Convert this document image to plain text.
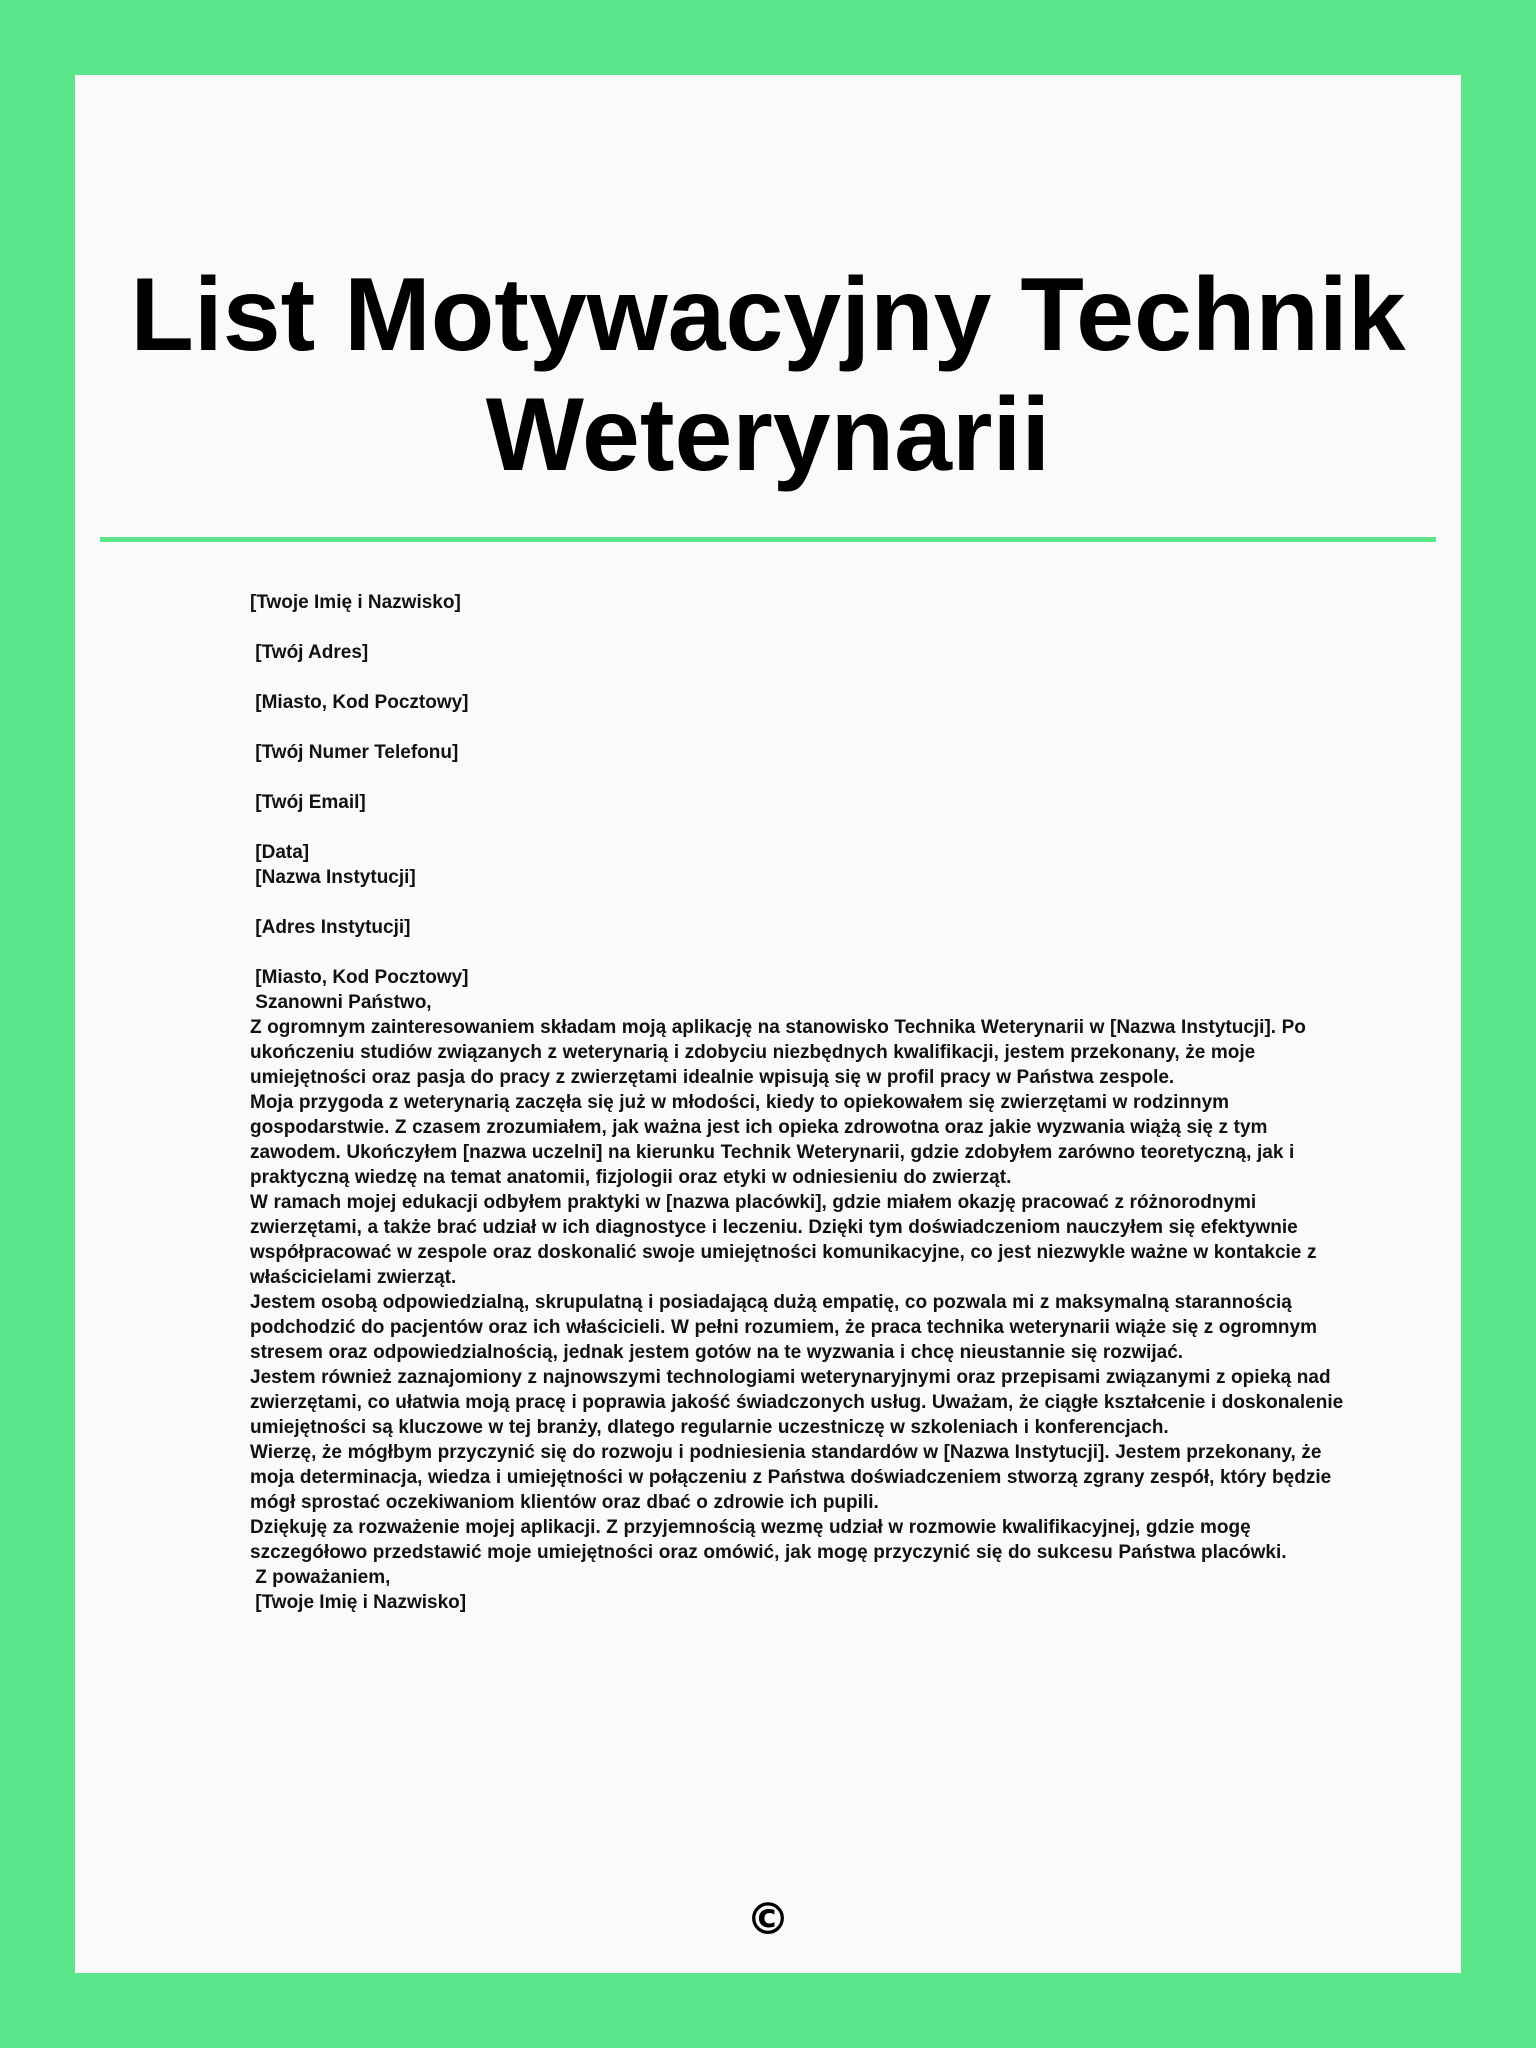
List Motywacyjny Technik
Weterynarii
[Twoje Imię i Nazwisko]
[Twój Adres]
[Miasto, Kod Pocztowy]
[Twój Numer Telefonu]
[Twój Email]
[Data]
[Nazwa Instytucji]
[Adres Instytucji]
[Miasto, Kod Pocztowy]
Szanowni Państwo,
Z ogromnym zainteresowaniem składam moją aplikację na stanowisko Technika Weterynarii w [Nazwa Instytucji]. Po ukończeniu studiów związanych z weterynarią i zdobyciu niezbędnych kwalifikacji, jestem przekonany, że moje umiejętności oraz pasja do pracy z zwierzętami idealnie wpisują się w profil pracy w Państwa zespole.
Moja przygoda z weterynarią zaczęła się już w młodości, kiedy to opiekowałem się zwierzętami w rodzinnym gospodarstwie. Z czasem zrozumiałem, jak ważna jest ich opieka zdrowotna oraz jakie wyzwania wiążą się z tym zawodem. Ukończyłem [nazwa uczelni] na kierunku Technik Weterynarii, gdzie zdobyłem zarówno teoretyczną, jak i praktyczną wiedzę na temat anatomii, fizjologii oraz etyki w odniesieniu do zwierząt.
W ramach mojej edukacji odbyłem praktyki w [nazwa placówki], gdzie miałem okazję pracować z różnorodnymi zwierzętami, a także brać udział w ich diagnostyce i leczeniu. Dzięki tym doświadczeniom nauczyłem się efektywnie współpracować w zespole oraz doskonalić swoje umiejętności komunikacyjne, co jest niezwykle ważne w kontakcie z właścicielami zwierząt.
Jestem osobą odpowiedzialną, skrupulatną i posiadającą dużą empatię, co pozwala mi z maksymalną starannością podchodzić do pacjentów oraz ich właścicieli. W pełni rozumiem, że praca technika weterynarii wiąże się z ogromnym stresem oraz odpowiedzialnością, jednak jestem gotów na te wyzwania i chcę nieustannie się rozwijać.
Jestem również zaznajomiony z najnowszymi technologiami weterynaryjnymi oraz przepisami związanymi z opieką nad zwierzętami, co ułatwia moją pracę i poprawia jakość świadczonych usług. Uważam, że ciągłe kształcenie i doskonalenie umiejętności są kluczowe w tej branży, dlatego regularnie uczestniczę w szkoleniach i konferencjach.
Wierzę, że mógłbym przyczynić się do rozwoju i podniesienia standardów w [Nazwa Instytucji]. Jestem przekonany, że moja determinacja, wiedza i umiejętności w połączeniu z Państwa doświadczeniem stworzą zgrany zespół, który będzie mógł sprostać oczekiwaniom klientów oraz dbać o zdrowie ich pupili.
Dziękuję za rozważenie mojej aplikacji. Z przyjemnością wezmę udział w rozmowie kwalifikacyjnej, gdzie mogę szczegółowo przedstawić moje umiejętności oraz omówić, jak mogę przyczynić się do sukcesu Państwa placówki.
Z poważaniem,
[Twoje Imię i Nazwisko]
©
